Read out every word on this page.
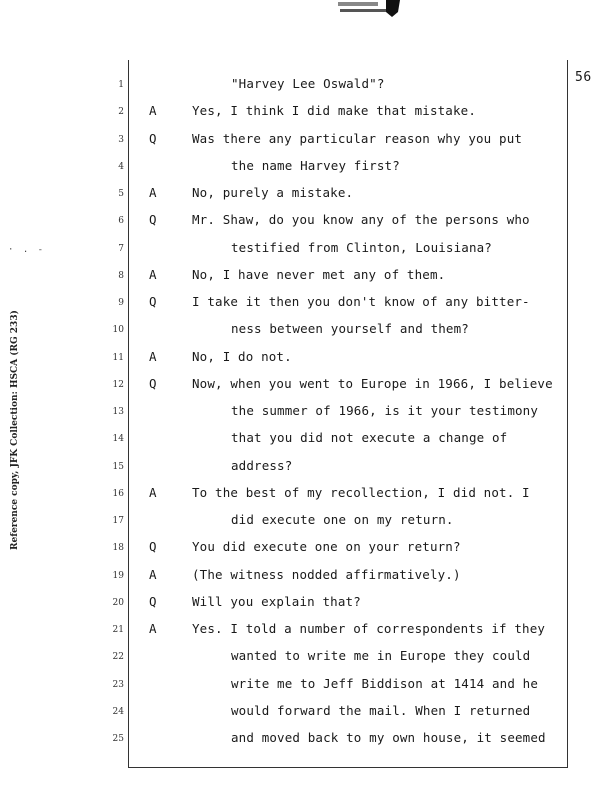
· . -
Reference copy, JFK Collection: HSCA (RG 233)
56
1	"Harvey Lee Oswald"?
2 A	Yes, I think I did make that mistake.
3 Q	Was there any particular reason why you put
4	the name Harvey first?
5 A	No, purely a mistake.
6 Q	Mr. Shaw, do you know any of the persons who
7	testified from Clinton, Louisiana?
8 A	No, I have never met any of them.
9 Q	I take it then you don't know of any bitter-
10	ness between yourself and them?
11 A	No, I do not.
12 Q	Now, when you went to Europe in 1966, I believe
13	the summer of 1966, is it your testimony
14	that you did not execute a change of
15	address?
16 A	To the best of my recollection, I did not. I
17	did execute one on my return.
18 Q	You did execute one on your return?
19 A	(The witness nodded affirmatively.)
20 Q	Will you explain that?
21 A	Yes. I told a number of correspondents if they
22	wanted to write me in Europe they could
23	write me to Jeff Biddison at 1414 and he
24	would forward the mail. When I returned
25	and moved back to my own house, it seemed
